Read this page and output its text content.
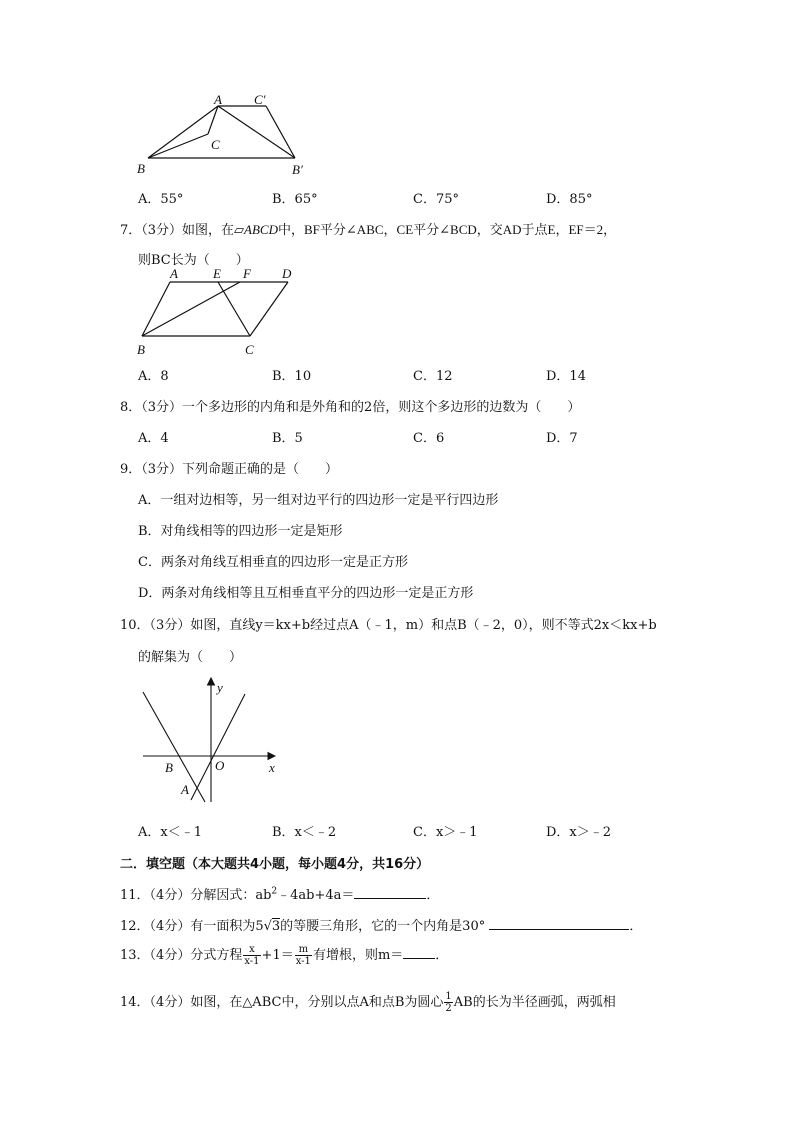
A C′
C
B	B′
A．55°	B．65°	C．75°	D．85°
7．（3分）如图，在▱ABCD中，BF平分∠ABC，CE平分∠BCD，交AD于点E，EF＝2，
则BC长为（　　）
A	E F D
B	C
A．8	B．10	C．12	D．14
8．（3分）一个多边形的内角和是外角和的2倍，则这个多边形的边数为（　　）
A．4	B．5	C．6	D．7
9．（3分）下列命题正确的是（　　）
A．一组对边相等，另一组对边平行的四边形一定是平行四边形
B．对角线相等的四边形一定是矩形
C．两条对角线互相垂直的四边形一定是正方形
D．两条对角线相等且互相垂直平分的四边形一定是正方形
10．（3分）如图，直线y＝kx+b经过点A（﹣1，m）和点B（﹣2，0），则不等式2x＜kx+b
的解集为（　　）
y
x
O
B
A
A．x＜﹣1	B．x＜﹣2	C．x＞﹣1	D．x＞﹣2
二．填空题（本大题共4小题，每小题4分，共16分）
11．（4分）分解因式：$ab^2﹣4ab+4a=$	．
12．（4分）有一面积为5√3的等腰三角形，它的一个内角是30°	．
13．（4分）分式方程 $\frac{x}{x-1} +1= \frac{m}{x-1}$ 有增根，则m＝ ．
14．（4分）如图，在△ABC中，分别以点A和点B为圆心 $\frac{1}{2}$ AB的长为半径画弧，两弧相
